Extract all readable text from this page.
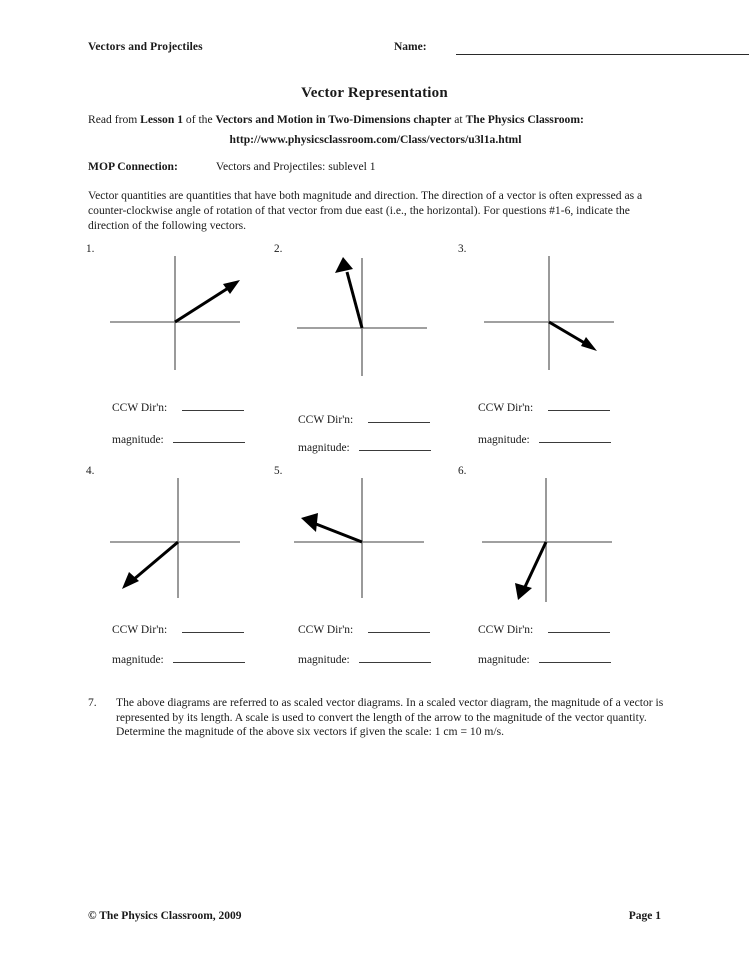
Vectors and Projectiles	Name:
Vector Representation
Read from Lesson 1 of the Vectors and Motion in Two-Dimensions chapter at The Physics Classroom:
http://www.physicsclassroom.com/Class/vectors/u3l1a.html
MOP Connection:	Vectors and Projectiles: sublevel 1
Vector quantities are quantities that have both magnitude and direction. The direction of a vector is often expressed as a counter-clockwise angle of rotation of that vector from due east (i.e., the horizontal). For questions #1-6, indicate the direction of the following vectors.
1.
CCW Dir'n:
magnitude:
2.
CCW Dir'n:
magnitude:
3.
CCW Dir'n:
magnitude:
4.
CCW Dir'n:
magnitude:
5.
CCW Dir'n:
magnitude:
6.
CCW Dir'n:
magnitude:
7. The above diagrams are referred to as scaled vector diagrams. In a scaled vector diagram, the magnitude of a vector is represented by its length. A scale is used to convert the length of the arrow to the magnitude of the vector quantity. Determine the magnitude of the above six vectors if given the scale: 1 cm = 10 m/s.
© The Physics Classroom, 2009	Page 1
